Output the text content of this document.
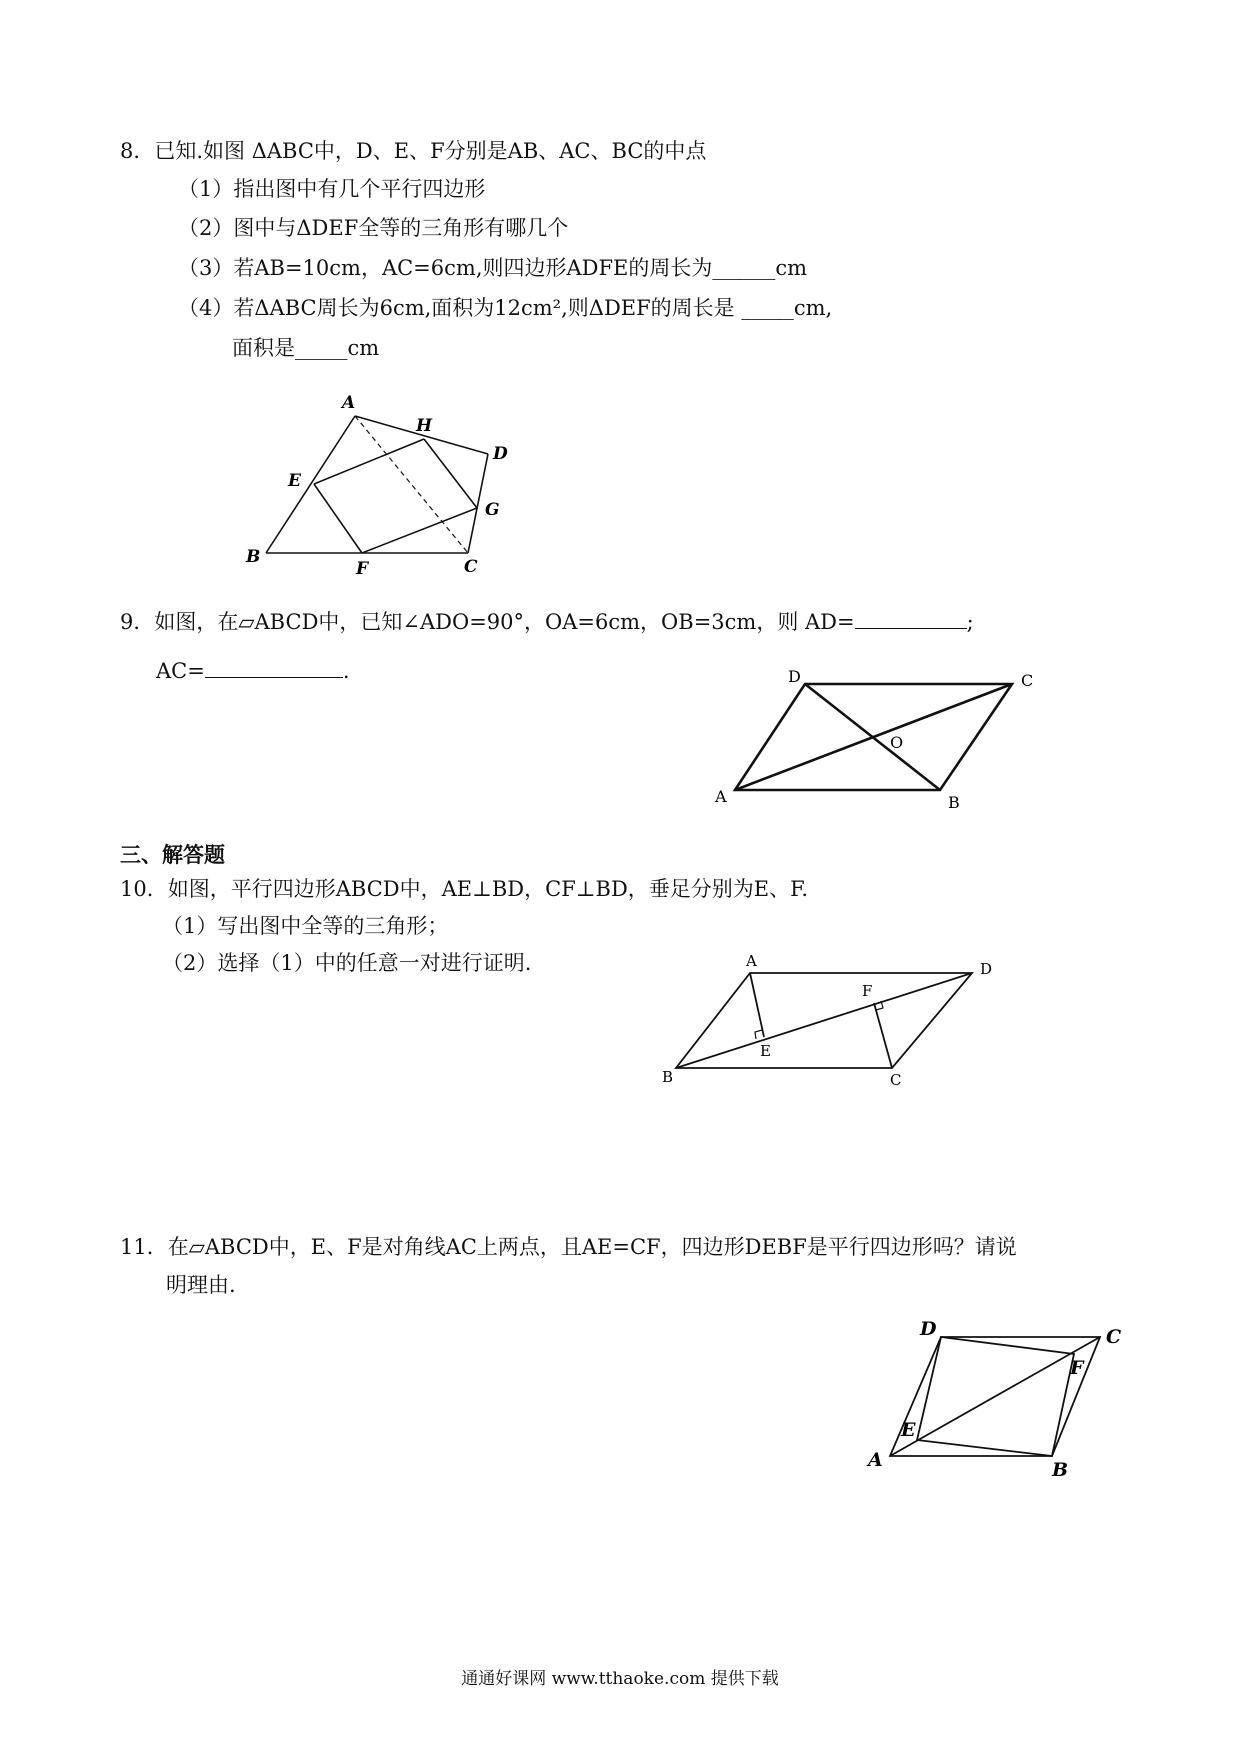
8．已知.如图 ΔABC中，D、E、F分别是AB、AC、BC的中点
（1）指出图中有几个平行四边形
（2）图中与ΔDEF全等的三角形有哪几个
（3）若AB=10cm，AC=6cm,则四边形ADFE的周长为______cm
（4）若ΔABC周长为6cm,面积为12cm²,则ΔDEF的周长是 _____cm,
面积是_____cm
A
H
D
E
G
B
F	C
9．如图，在▱ABCD中，已知∠ADO=90°，OA=6cm，OB=3cm，则 AD=	;
AC=	.	D	C
O
A	B
三、解答题
10．如图，平行四边形ABCD中，AE⊥BD，CF⊥BD，垂足分别为E、F.
（1）写出图中全等的三角形；
（2）选择（1）中的任意一对进行证明.	A	D
F
E
B	C
11．在▱ABCD中，E、F是对角线AC上两点，且AE=CF，四边形DEBF是平行四边形吗？请说
明理由.
D	C
F
E
A	B
通通好课网 www.tthaoke.com 提供下载
